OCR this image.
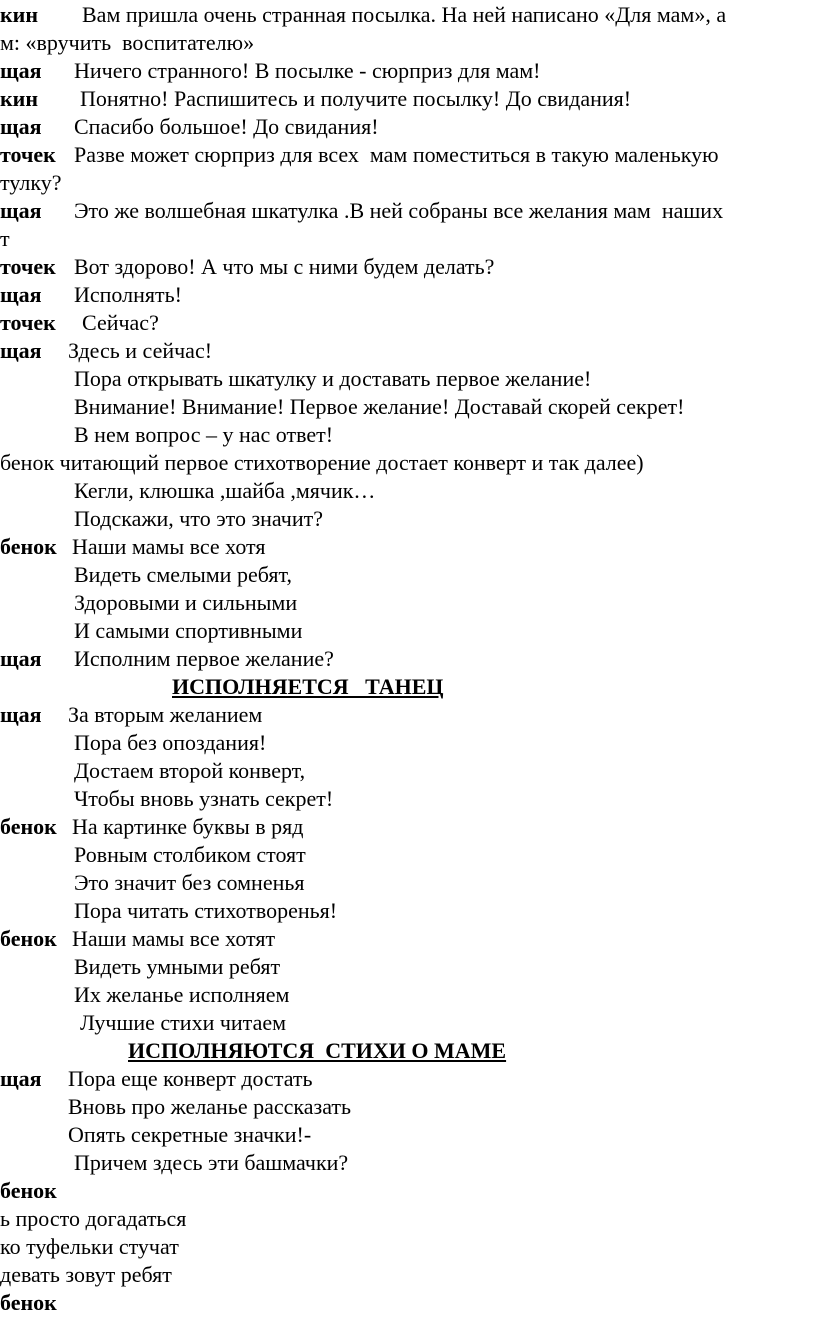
кин Вам пришла очень странная посылка. На ней написано «Для мам», а
м: «вручить  воспитателю»
щая Ничего странного! В посылке - сюрприз для мам!
кин Понятно! Распишитесь и получите посылку! До свидания!
щая Спасибо большое! До свидания!
точек Разве может сюрприз для всех  мам поместиться в такую маленькую
тулку?
щая Это же волшебная шкатулка .В ней собраны все желания мам  наших
т
точек Вот здорово! А что мы с ними будем делать?
щая Исполнять!
точек Сейчас?
щая Здесь и сейчас!
Пора открывать шкатулку и доставать первое желание!
Внимание! Внимание! Первое желание! Доставай скорей секрет!
В нем вопрос – у нас ответ!
бенок читающий первое стихотворение достает конверт и так далее)
Кегли, клюшка ,шайба ,мячик…
Подскажи, что это значит?
бенок Наши мамы все хотя
Видеть смелыми ребят,
Здоровыми и сильными
И самыми спортивными
щая Исполним первое желание?
ИСПОЛНЯЕТСЯ   ТАНЕЦ
щая За вторым желанием
Пора без опоздания!
Достаем второй конверт,
Чтобы вновь узнать секрет!
бенок На картинке буквы в ряд
Ровным столбиком стоят
Это значит без сомненья
Пора читать стихотворенья!
бенок Наши мамы все хотят
Видеть умными ребят
Их желанье исполняем
Лучшие стихи читаем
ИСПОЛНЯЮТСЯ  СТИХИ О МАМЕ
щая Пора еще конверт достать
Вновь про желанье рассказать
Опять секретные значки!-
Причем здесь эти башмачки?
бенок
ь просто догадаться
ко туфельки стучат
девать зовут ребят
бенок
